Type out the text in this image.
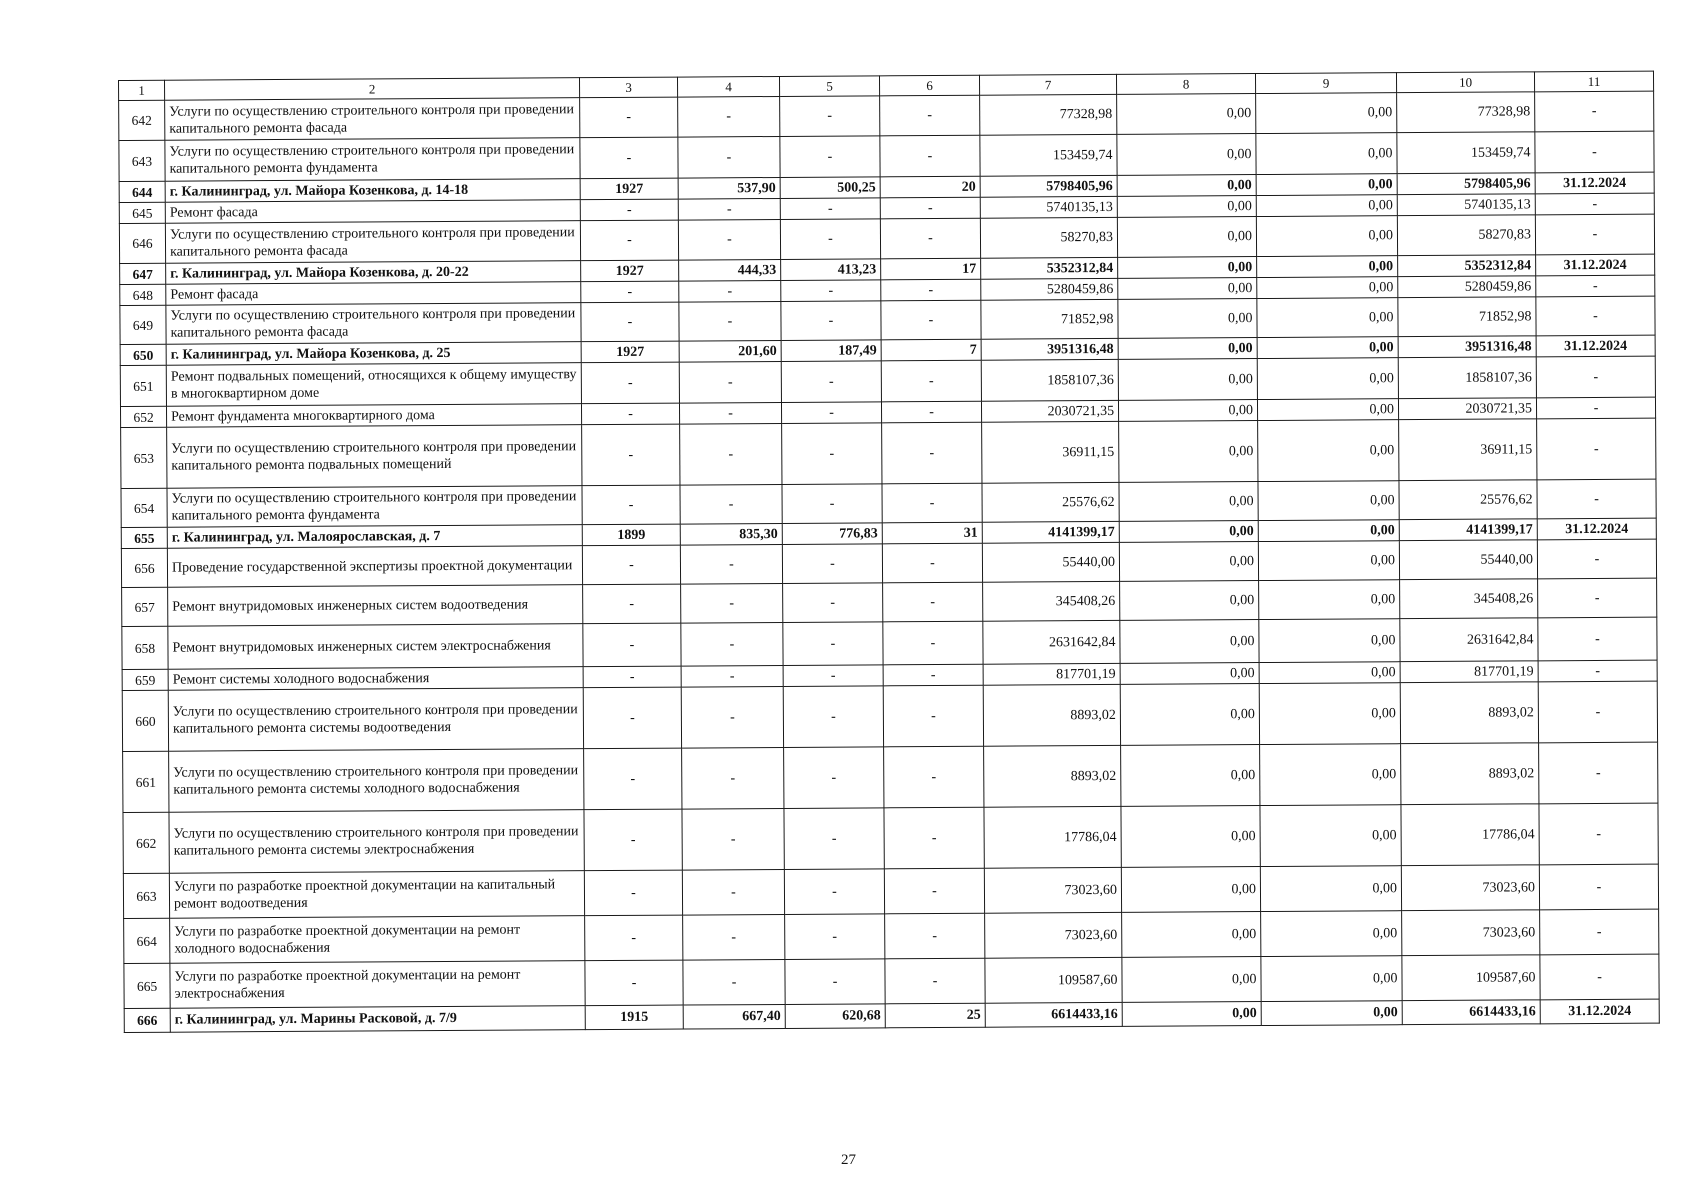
1	2	3	4	5	6	7	8	9	10	11
642	Услуги по осуществлению строительного контроля при проведении капитального ремонта фасада	-	-	-	-	77328,98	0,00	0,00	77328,98	-
643	Услуги по осуществлению строительного контроля при проведении капитального ремонта фундамента	-	-	-	-	153459,74	0,00	0,00	153459,74	-
644	г. Калининград, ул. Майора Козенкова, д. 14-18	1927	537,90	500,25	20	5798405,96	0,00	0,00	5798405,96	31.12.2024
645	Ремонт фасада	-	-	-	-	5740135,13	0,00	0,00	5740135,13	-
646	Услуги по осуществлению строительного контроля при проведении капитального ремонта фасада	-	-	-	-	58270,83	0,00	0,00	58270,83	-
647	г. Калининград, ул. Майора Козенкова, д. 20-22	1927	444,33	413,23	17	5352312,84	0,00	0,00	5352312,84	31.12.2024
648	Ремонт фасада	-	-	-	-	5280459,86	0,00	0,00	5280459,86	-
649	Услуги по осуществлению строительного контроля при проведении капитального ремонта фасада	-	-	-	-	71852,98	0,00	0,00	71852,98	-
650	г. Калининград, ул. Майора Козенкова, д. 25	1927	201,60	187,49	7	3951316,48	0,00	0,00	3951316,48	31.12.2024
651	Ремонт подвальных помещений, относящихся к общему имуществу в многоквартирном доме	-	-	-	-	1858107,36	0,00	0,00	1858107,36	-
652	Ремонт фундамента многоквартирного дома	-	-	-	-	2030721,35	0,00	0,00	2030721,35	-
653	Услуги по осуществлению строительного контроля при проведении капитального ремонта подвальных помещений	-	-	-	-	36911,15	0,00	0,00	36911,15	-
654	Услуги по осуществлению строительного контроля при проведении капитального ремонта фундамента	-	-	-	-	25576,62	0,00	0,00	25576,62	-
655	г. Калининград, ул. Малоярославская, д. 7	1899	835,30	776,83	31	4141399,17	0,00	0,00	4141399,17	31.12.2024
656	Проведение государственной экспертизы проектной документации	-	-	-	-	55440,00	0,00	0,00	55440,00	-
657	Ремонт внутридомовых инженерных систем водоотведения	-	-	-	-	345408,26	0,00	0,00	345408,26	-
658	Ремонт внутридомовых инженерных систем электроснабжения	-	-	-	-	2631642,84	0,00	0,00	2631642,84	-
659	Ремонт системы холодного водоснабжения	-	-	-	-	817701,19	0,00	0,00	817701,19	-
660	Услуги по осуществлению строительного контроля при проведении капитального ремонта системы водоотведения	-	-	-	-	8893,02	0,00	0,00	8893,02	-
661	Услуги по осуществлению строительного контроля при проведении капитального ремонта системы холодного водоснабжения	-	-	-	-	8893,02	0,00	0,00	8893,02	-
662	Услуги по осуществлению строительного контроля при проведении капитального ремонта системы электроснабжения	-	-	-	-	17786,04	0,00	0,00	17786,04	-
663	Услуги по разработке проектной документации на капитальный ремонт водоотведения	-	-	-	-	73023,60	0,00	0,00	73023,60	-
664	Услуги по разработке проектной документации на ремонт холодного водоснабжения	-	-	-	-	73023,60	0,00	0,00	73023,60	-
665	Услуги по разработке проектной документации на ремонт электроснабжения	-	-	-	-	109587,60	0,00	0,00	109587,60	-
666	г. Калининград, ул. Марины Расковой, д. 7/9	1915	667,40	620,68	25	6614433,16	0,00	0,00	6614433,16	31.12.2024
27
